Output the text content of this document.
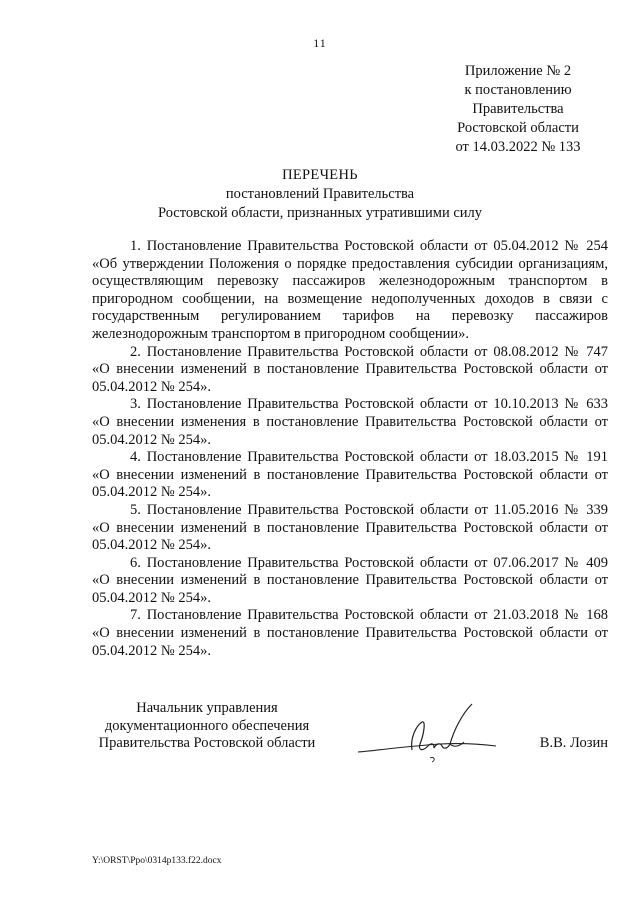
11
Приложение № 2
к постановлению
Правительства
Ростовской области
от 14.03.2022 № 133
ПЕРЕЧЕНЬ
постановлений Правительства
Ростовской области, признанных утратившими силу

1. Постановление Правительства Ростовской области от 05.04.2012 № 254 «Об утверждении Положения о порядке предоставления субсидии организациям, осуществляющим перевозку пассажиров железнодорожным транспортом в пригородном сообщении, на возмещение недополученных доходов в связи с государственным регулированием тарифов на перевозку пассажиров железнодорожным транспортом в пригородном сообщении».

2. Постановление Правительства Ростовской области от 08.08.2012 № 747 «О внесении изменений в постановление Правительства Ростовской области от 05.04.2012 № 254».

3. Постановление Правительства Ростовской области от 10.10.2013 № 633 «О внесении изменения в постановление Правительства Ростовской области от 05.04.2012 № 254».

4. Постановление Правительства Ростовской области от 18.03.2015 № 191 «О внесении изменений в постановление Правительства Ростовской области от 05.04.2012 № 254».

5. Постановление Правительства Ростовской области от 11.05.2016 № 339 «О внесении изменений в постановление Правительства Ростовской области от 05.04.2012 № 254».

6. Постановление Правительства Ростовской области от 07.06.2017 № 409 «О внесении изменений в постановление Правительства Ростовской области от 05.04.2012 № 254».

7. Постановление Правительства Ростовской области от 21.03.2018 № 168 «О внесении изменений в постановление Правительства Ростовской области от 05.04.2012 № 254».

Начальник управления
документационного обеспечения
Правительства Ростовской области	В.В. Лозин
Y:\ORST\Ppo\0314p133.f22.docx
